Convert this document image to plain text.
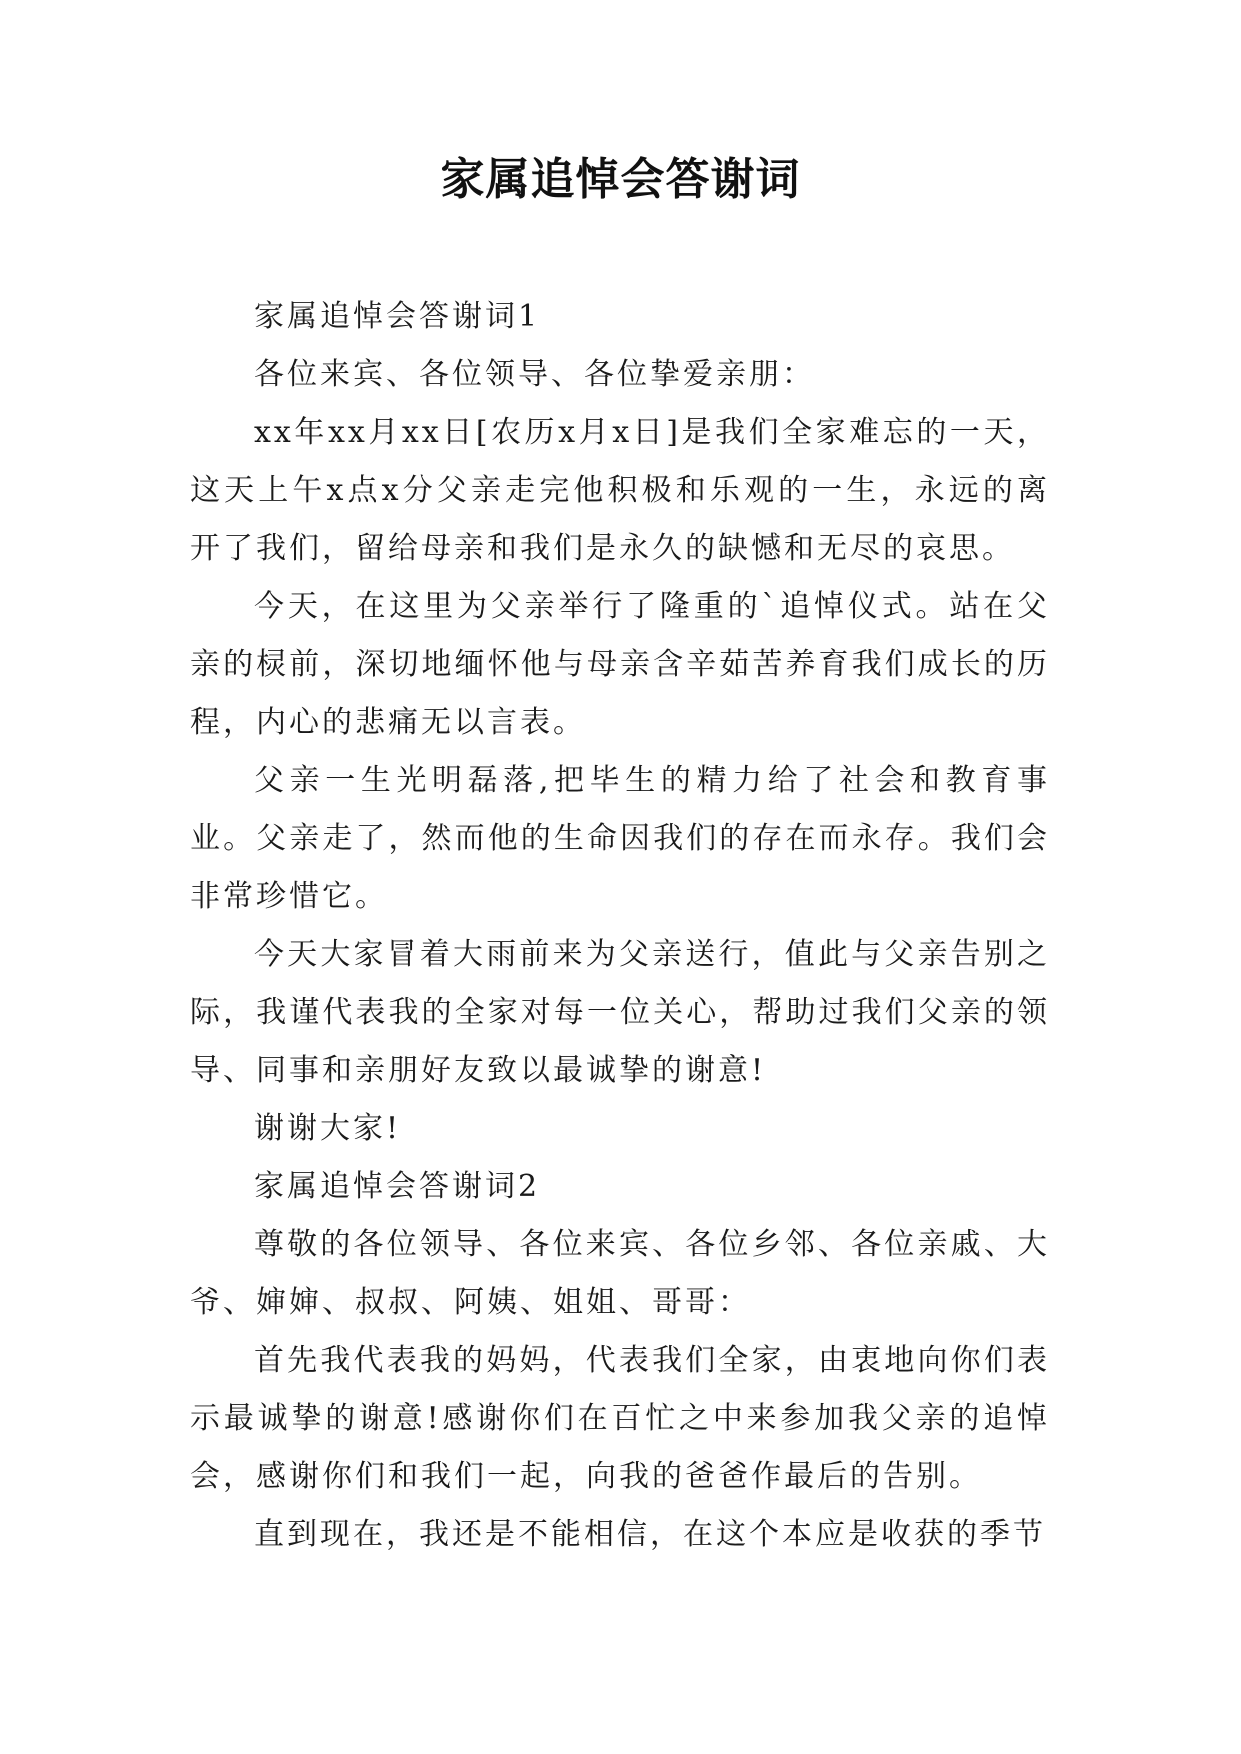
家属追悼会答谢词

家属追悼会答谢词1

各位来宾、各位领导、各位挚爱亲朋：

xx年xx月xx日[农历x月x日]是我们全家难忘的一天，这天上午x点x分父亲走完他积极和乐观的一生，永远的离开了我们，留给母亲和我们是永久的缺憾和无尽的哀思。

今天，在这里为父亲举行了隆重的`追悼仪式。站在父亲的棂前，深切地缅怀他与母亲含辛茹苦养育我们成长的历程，内心的悲痛无以言表。

父亲一生光明磊落,把毕生的精力给了社会和教育事业。父亲走了，然而他的生命因我们的存在而永存。我们会非常珍惜它。

今天大家冒着大雨前来为父亲送行，值此与父亲告别之际，我谨代表我的全家对每一位关心，帮助过我们父亲的领导、同事和亲朋好友致以最诚挚的谢意!

谢谢大家!

家属追悼会答谢词2

尊敬的各位领导、各位来宾、各位乡邻、各位亲戚、大爷、婶婶、叔叔、阿姨、姐姐、哥哥：

首先我代表我的妈妈，代表我们全家，由衷地向你们表示最诚挚的谢意!感谢你们在百忙之中来参加我父亲的追悼会，感谢你们和我们一起，向我的爸爸作最后的告别。

直到现在，我还是不能相信，在这个本应是收获的季节
